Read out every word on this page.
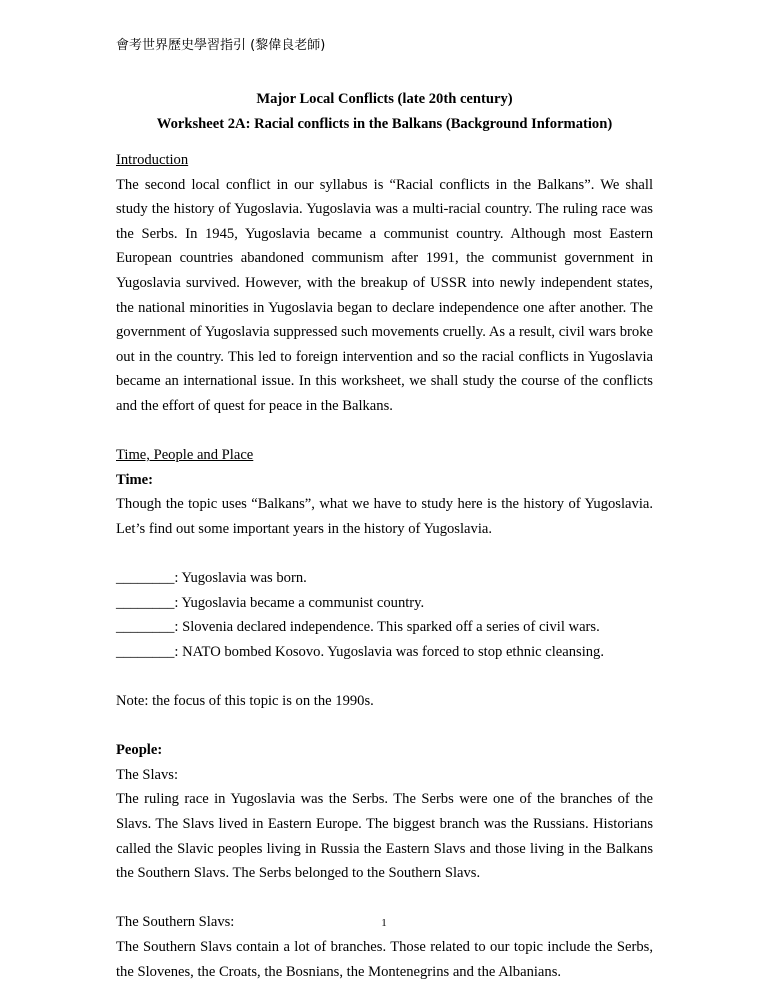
會考世界歷史學習指引 (黎偉良老師)
Major Local Conflicts (late 20th century)
Worksheet 2A: Racial conflicts in the Balkans (Background Information)

Introduction

The second local conflict in our syllabus is “Racial conflicts in the Balkans”. We shall study the history of Yugoslavia. Yugoslavia was a multi-racial country. The ruling race was the Serbs. In 1945, Yugoslavia became a communist country. Although most Eastern European countries abandoned communism after 1991, the communist government in Yugoslavia survived. However, with the breakup of USSR into newly independent states, the national minorities in Yugoslavia began to declare independence one after another. The government of Yugoslavia suppressed such movements cruelly. As a result, civil wars broke out in the country. This led to foreign intervention and so the racial conflicts in Yugoslavia became an international issue. In this worksheet, we shall study the course of the conflicts and the effort of quest for peace in the Balkans.

Time, People and Place

Time:

Though the topic uses “Balkans”, what we have to study here is the history of Yugoslavia. Let’s find out some important years in the history of Yugoslavia.

________: Yugoslavia was born.

________: Yugoslavia became a communist country.

________: Slovenia declared independence. This sparked off a series of civil wars.

________: NATO bombed Kosovo. Yugoslavia was forced to stop ethnic cleansing.

Note: the focus of this topic is on the 1990s.

People:

The Slavs:

The ruling race in Yugoslavia was the Serbs. The Serbs were one of the branches of the Slavs. The Slavs lived in Eastern Europe. The biggest branch was the Russians. Historians called the Slavic peoples living in Russia the Eastern Slavs and those living in the Balkans the Southern Slavs. The Serbs belonged to the Southern Slavs.

The Southern Slavs:

The Southern Slavs contain a lot of branches. Those related to our topic include the Serbs, the Slovenes, the Croats, the Bosnians, the Montenegrins and the Albanians.

1
